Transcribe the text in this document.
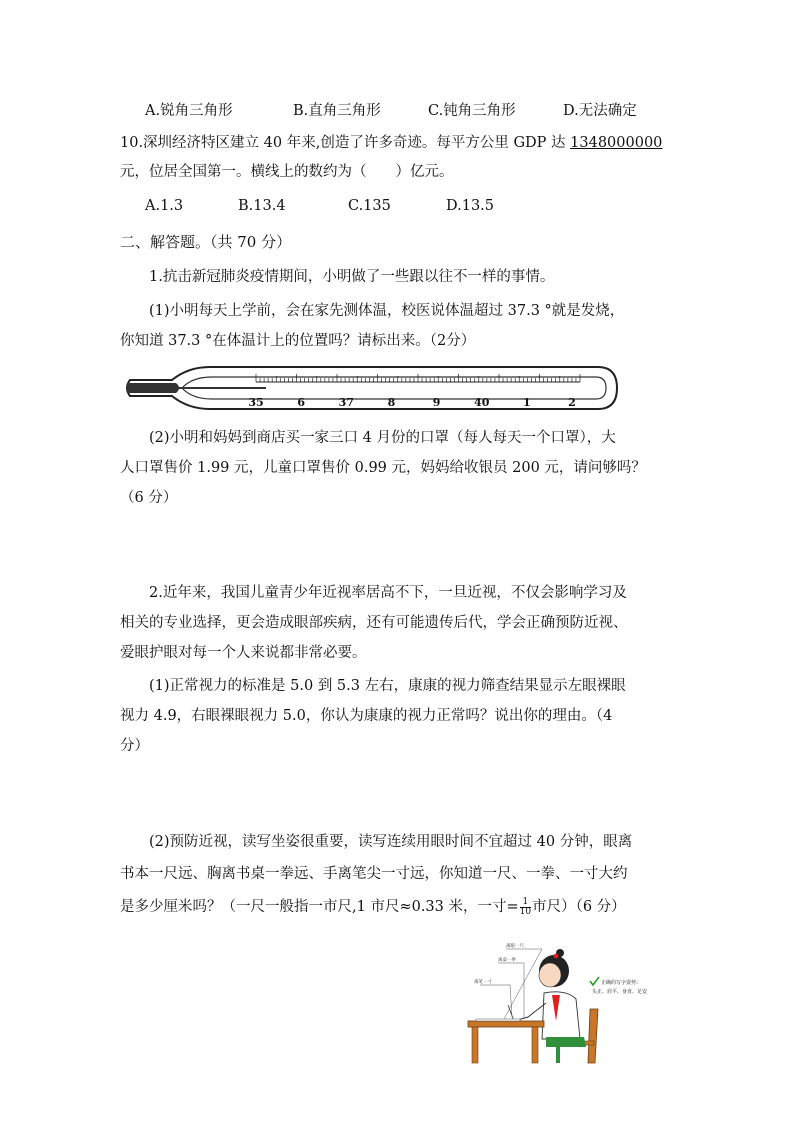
A.锐角三角形	B.直角三角形	C.钝角三角形	D.无法确定
10.深圳经济特区建立 40 年来,创造了许多奇迹。每平方公里 GDP 达 1348000000
元，位居全国第一。横线上的数约为（　　）亿元。
A.1.3	B.13.4	C.135	D.13.5
二、解答题。（共 70 分）
1.抗击新冠肺炎疫情期间，小明做了一些跟以往不一样的事情。
(1)小明每天上学前，会在家先测体温，校医说体温超过 37.3 °就是发烧，
你知道 37.3 °在体温计上的位置吗？请标出来。（2分）
35	6	37	8	9	40	1	2
(2)小明和妈妈到商店买一家三口 4 月份的口罩（每人每天一个口罩），大
人口罩售价 1.99 元，儿童口罩售价 0.99 元，妈妈给收银员 200 元，请问够吗？
（6 分）
2.近年来，我国儿童青少年近视率居高不下，一旦近视，不仅会影响学习及
相关的专业选择，更会造成眼部疾病，还有可能遗传后代，学会正确预防近视、
爱眼护眼对每一个人来说都非常必要。
(1)正常视力的标准是 5.0 到 5.3 左右，康康的视力筛查结果显示左眼裸眼
视力 4.9，右眼裸眼视力 5.0，你认为康康的视力正常吗？说出你的理由。（4
分）
(2)预防近视，读写坐姿很重要，读写连续用眼时间不宜超过 40 分钟，眼离
书本一尺远、胸离书桌一拳远、手离笔尖一寸远，你知道一尺、一拳、一寸大约
是多少厘米吗？（一尺一般指一市尺,1 市尺≈0.33 米，一寸= $\frac{1}{10}$ 市尺）（6 分）
离眼一尺
离桌一拳
离笔一寸	正确的写字姿势：
头正、肩平、身直、足安
